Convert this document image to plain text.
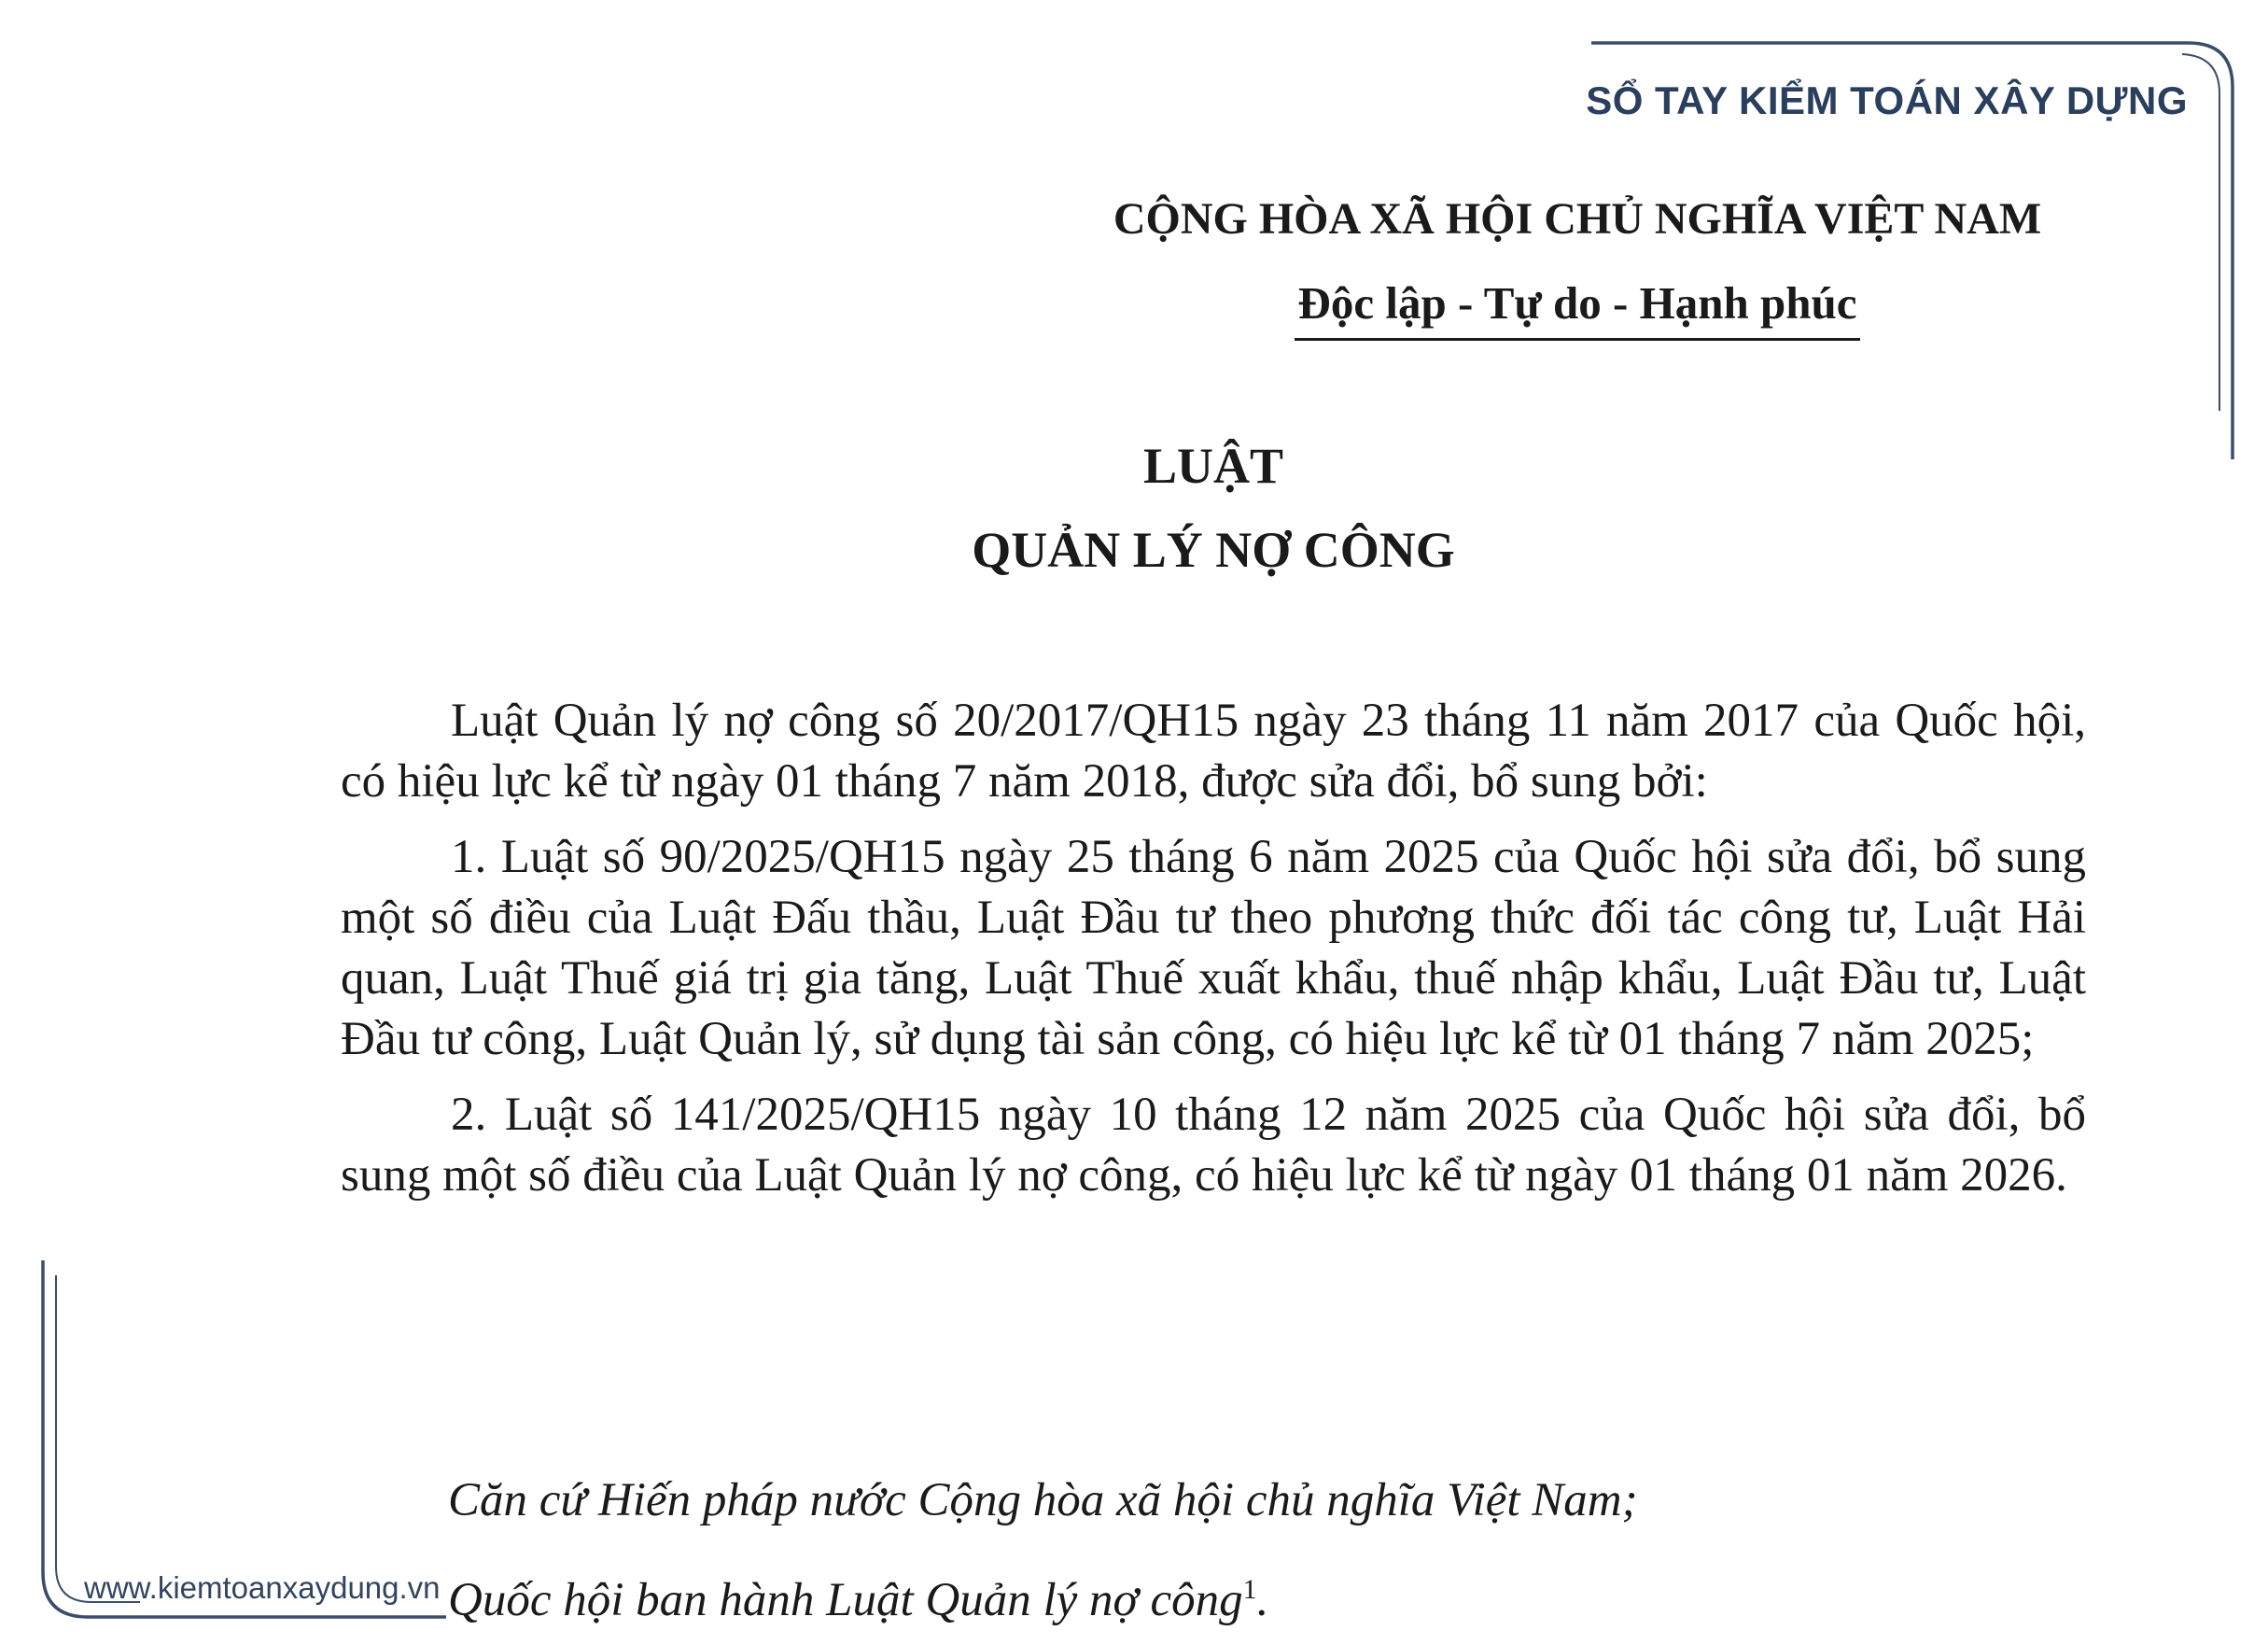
SỔ TAY KIỂM TOÁN XÂY DỰNG
CỘNG HÒA XÃ HỘI CHỦ NGHĨA VIỆT NAM
Độc lập - Tự do - Hạnh phúc
LUẬT
QUẢN LÝ NỢ CÔNG

Luật Quản lý nợ công số 20/2017/QH15 ngày 23 tháng 11 năm 2017 của Quốc hội, có hiệu lực kể từ ngày 01 tháng 7 năm 2018, được sửa đổi, bổ sung bởi:

1. Luật số 90/2025/QH15 ngày 25 tháng 6 năm 2025 của Quốc hội sửa đổi, bổ sung một số điều của Luật Đấu thầu, Luật Đầu tư theo phương thức đối tác công tư, Luật Hải quan, Luật Thuế giá trị gia tăng, Luật Thuế xuất khẩu, thuế nhập khẩu, Luật Đầu tư, Luật Đầu tư công, Luật Quản lý, sử dụng tài sản công, có hiệu lực kể từ 01 tháng 7 năm 2025;

2. Luật số 141/2025/QH15 ngày 10 tháng 12 năm 2025 của Quốc hội sửa đổi, bổ sung một số điều của Luật Quản lý nợ công, có hiệu lực kể từ ngày 01 tháng 01 năm 2026.

Căn cứ Hiến pháp nước Cộng hòa xã hội chủ nghĩa Việt Nam;
Quốc hội ban hành Luật Quản lý nợ công$^1$.
www.kiemtoanxaydung.vn
